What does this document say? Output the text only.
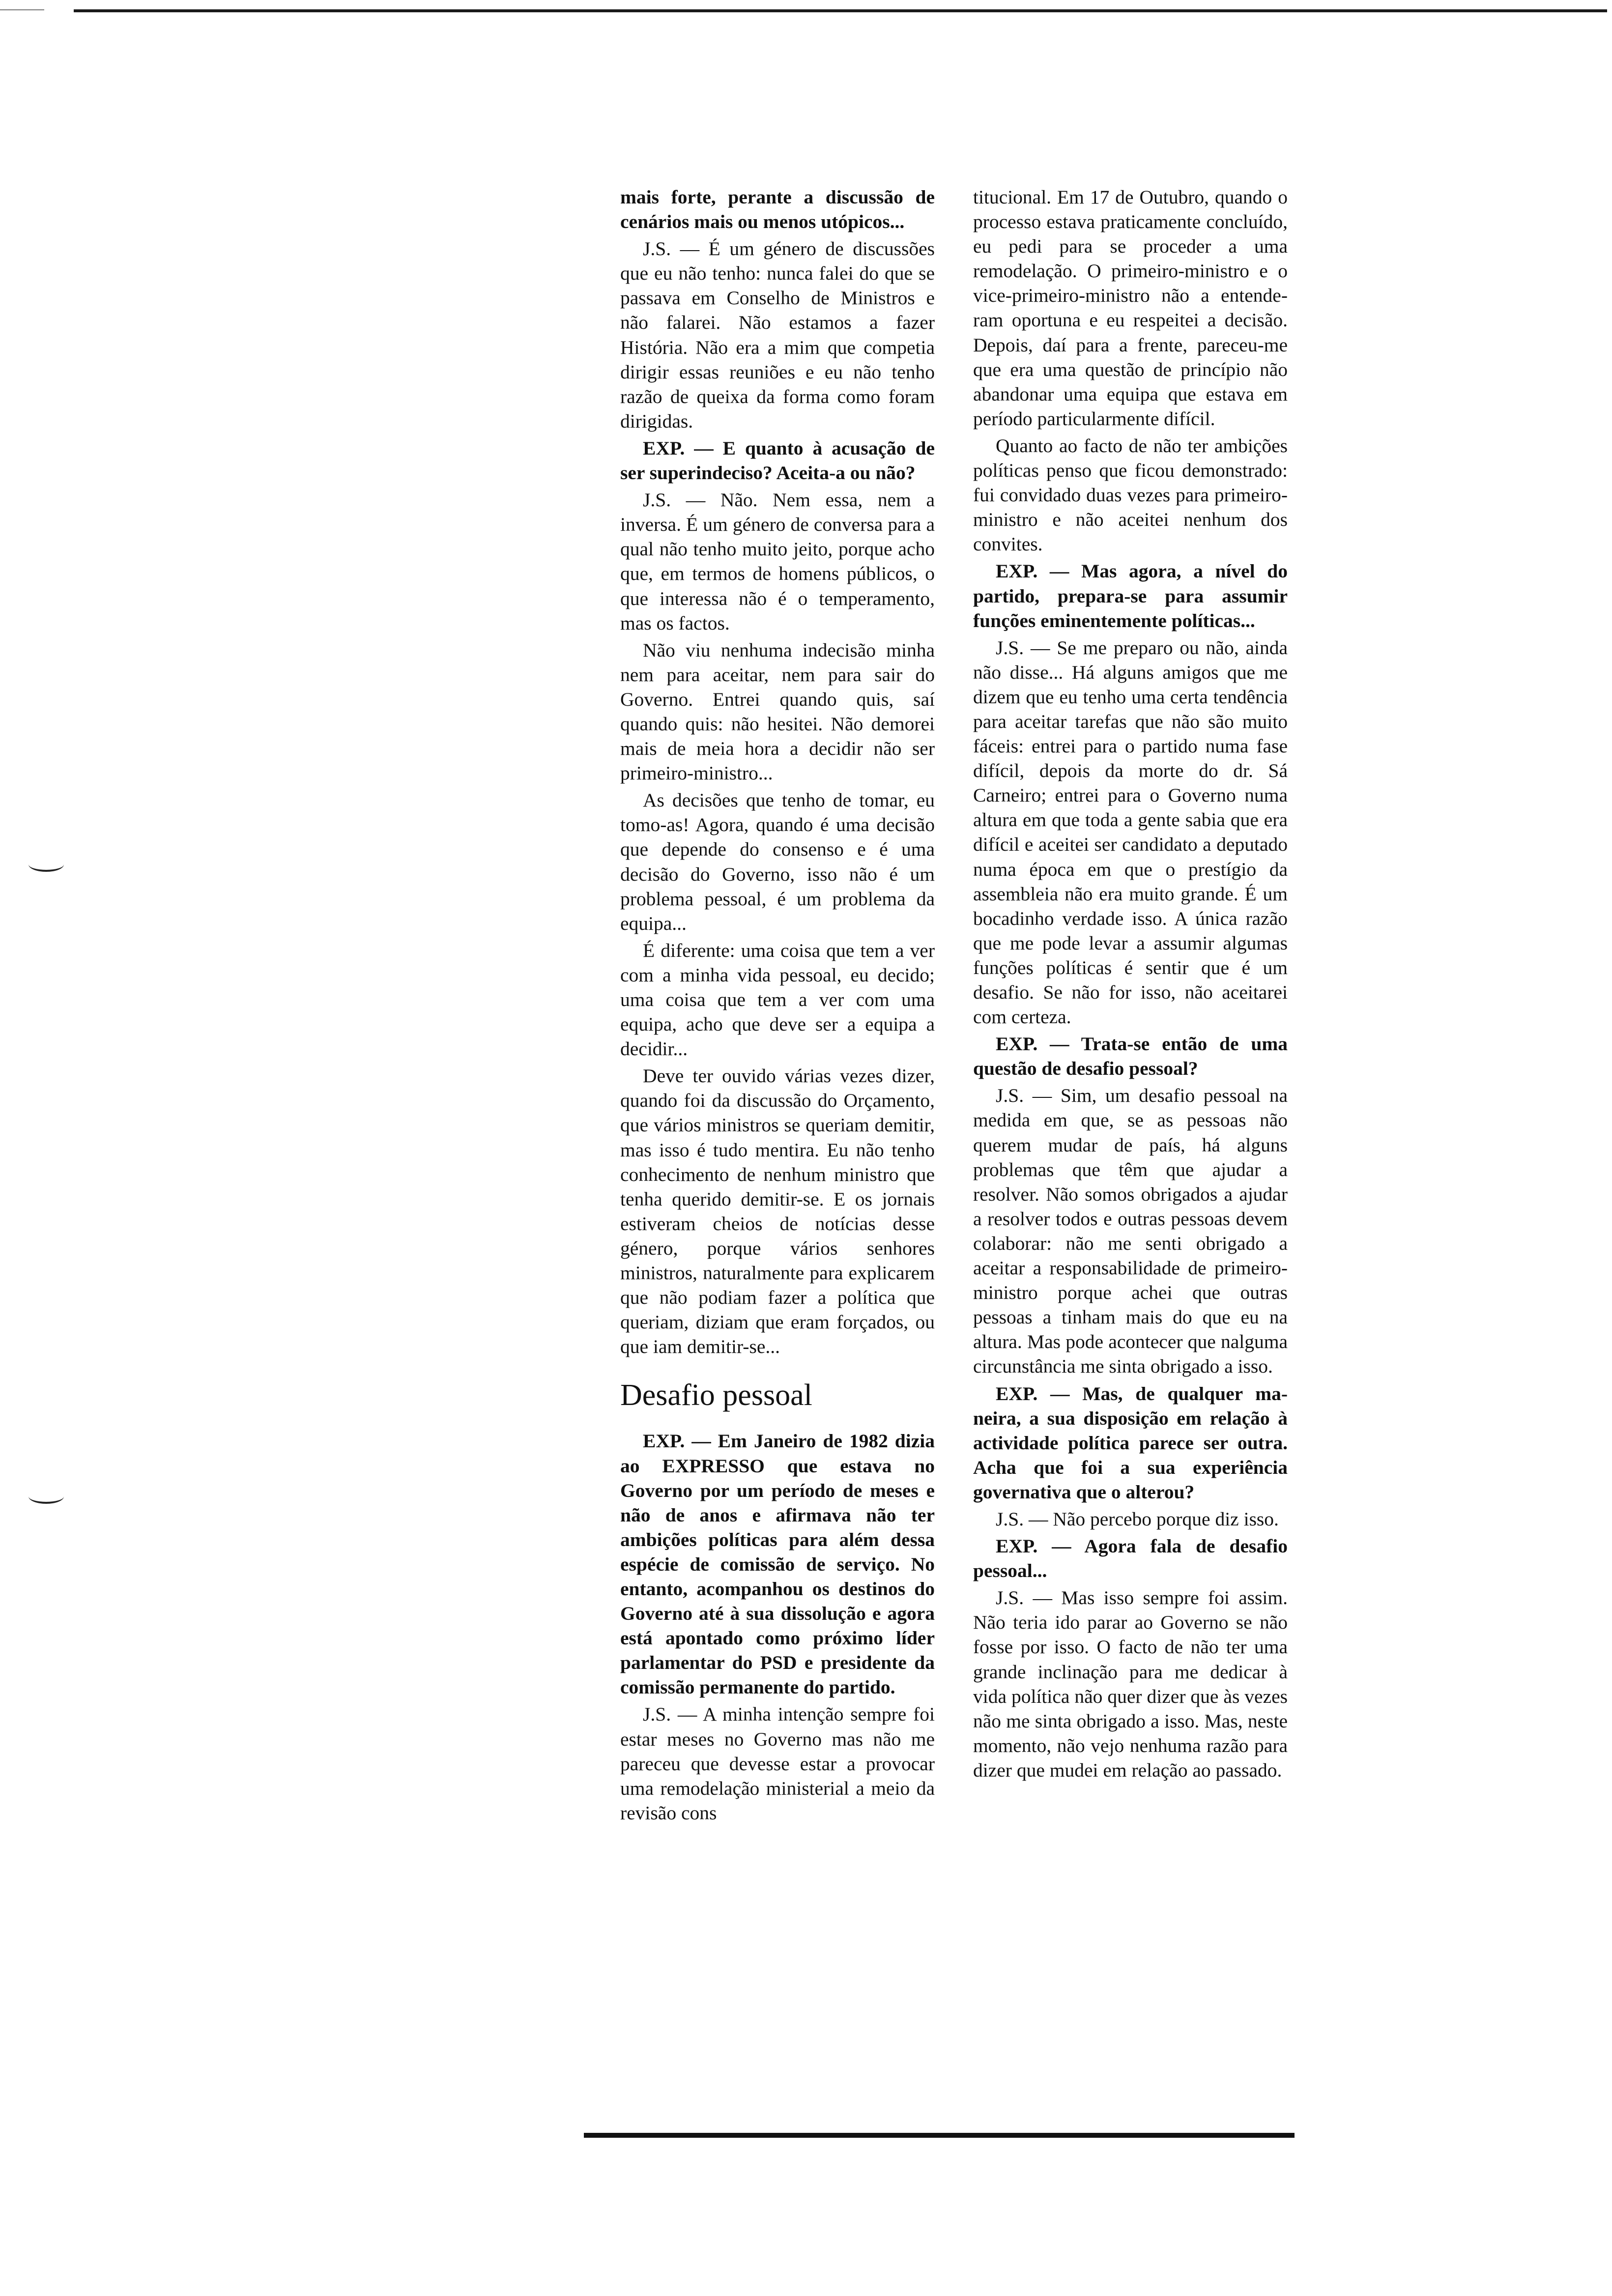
mais forte, perante a discussão de cenários mais ou menos utópicos...

J.S. — É um género de discussões que eu não tenho: nunca falei do que se passava em Conselho de Ministros e não falarei. Não estamos a fazer História. Não era a mim que competia dirigir essas reuniões e eu não tenho razão de queixa da forma como foram dirigidas.

EXP. — E quanto à acusação de ser superindeciso? Aceita-a ou não?

J.S. — Não. Nem essa, nem a inversa. É um género de conversa para a qual não tenho muito jeito, porque acho que, em termos de homens públicos, o que interessa não é o temperamento, mas os factos.

Não viu nenhuma indecisão minha nem para aceitar, nem para sair do Governo. Entrei quando quis, saí quando quis: não hesitei. Não demorei mais de meia hora a decidir não ser primeiro-ministro...

As decisões que tenho de tomar, eu tomo-as! Agora, quando é uma decisão que depende do consenso e é uma decisão do Governo, isso não é um problema pessoal, é um problema da equipa...

É diferente: uma coisa que tem a ver com a minha vida pessoal, eu decido; uma coisa que tem a ver com uma equipa, acho que deve ser a equipa a decidir...

Deve ter ouvido várias vezes dizer, quando foi da discussão do Orçamento, que vários ministros se queriam demitir, mas isso é tudo mentira. Eu não tenho conhecimento de nenhum ministro que tenha querido demitir-se. E os jornais estiveram cheios de notícias desse género, porque vários senhores ministros, naturalmente para explicarem que não podiam fazer a política que queriam, diziam que eram forçados, ou que iam demitir-se...

Desafio pessoal

EXP. — Em Janeiro de 1982 dizia ao EXPRESSO que estava no Governo por um período de meses e não de anos e afirmava não ter ambições políticas para além dessa espécie de comissão de serviço. No entanto, acompanhou os destinos do Governo até à sua dissolução e agora está apontado como próximo líder parlamentar do PSD e presidente da comissão permanente do partido.

J.S. — A minha intenção sempre foi estar meses no Governo mas não me pareceu que devesse estar a provocar uma remodelação ministerial a meio da revisão cons

titucional. Em 17 de Outubro, quando o processo estava praticamente concluído, eu pedi para se proceder a uma remodelação. O primeiro-ministro e o vice-primeiro-ministro não a entenderam oportuna e eu respeitei a decisão. Depois, daí para a frente, pareceu-me que era uma questão de princípio não abandonar uma equipa que estava em período particularmente difícil.

Quanto ao facto de não ter ambições políticas penso que ficou demonstrado: fui convidado duas vezes para primeiro-ministro e não aceitei nenhum dos convites.

EXP. — Mas agora, a nível do partido, prepara-se para assumir funções eminentemente políticas...

J.S. — Se me preparo ou não, ainda não disse... Há alguns amigos que me dizem que eu tenho uma certa tendência para aceitar tarefas que não são muito fáceis: entrei para o partido numa fase difícil, depois da morte do dr. Sá Carneiro; entrei para o Governo numa altura em que toda a gente sabia que era difícil e aceitei ser candidato a deputado numa época em que o prestígio da assembleia não era muito grande. É um bocadinho verdade isso. A única razão que me pode levar a assumir algumas funções políticas é sentir que é um desafio. Se não for isso, não aceitarei com certeza.

EXP. — Trata-se então de uma questão de desafio pessoal?

J.S. — Sim, um desafio pessoal na medida em que, se as pessoas não querem mudar de país, há alguns problemas que têm que ajudar a resolver. Não somos obrigados a ajudar a resolver todos e outras pessoas devem colaborar: não me senti obrigado a aceitar a responsabilidade de primeiro-ministro porque achei que outras pessoas a tinham mais do que eu na altura. Mas pode acontecer que nalguma circunstância me sinta obrigado a isso.

EXP. — Mas, de qualquer maneira, a sua disposição em relação à actividade política parece ser outra. Acha que foi a sua experiência governativa que o alterou?

J.S. — Não percebo porque diz isso.

EXP. — Agora fala de desafio pessoal...

J.S. — Mas isso sempre foi assim. Não teria ido parar ao Governo se não fosse por isso. O facto de não ter uma grande inclinação para me dedicar à vida política não quer dizer que às vezes não me sinta obrigado a isso. Mas, neste momento, não vejo nenhuma razão para dizer que mudei em relação ao passado.
